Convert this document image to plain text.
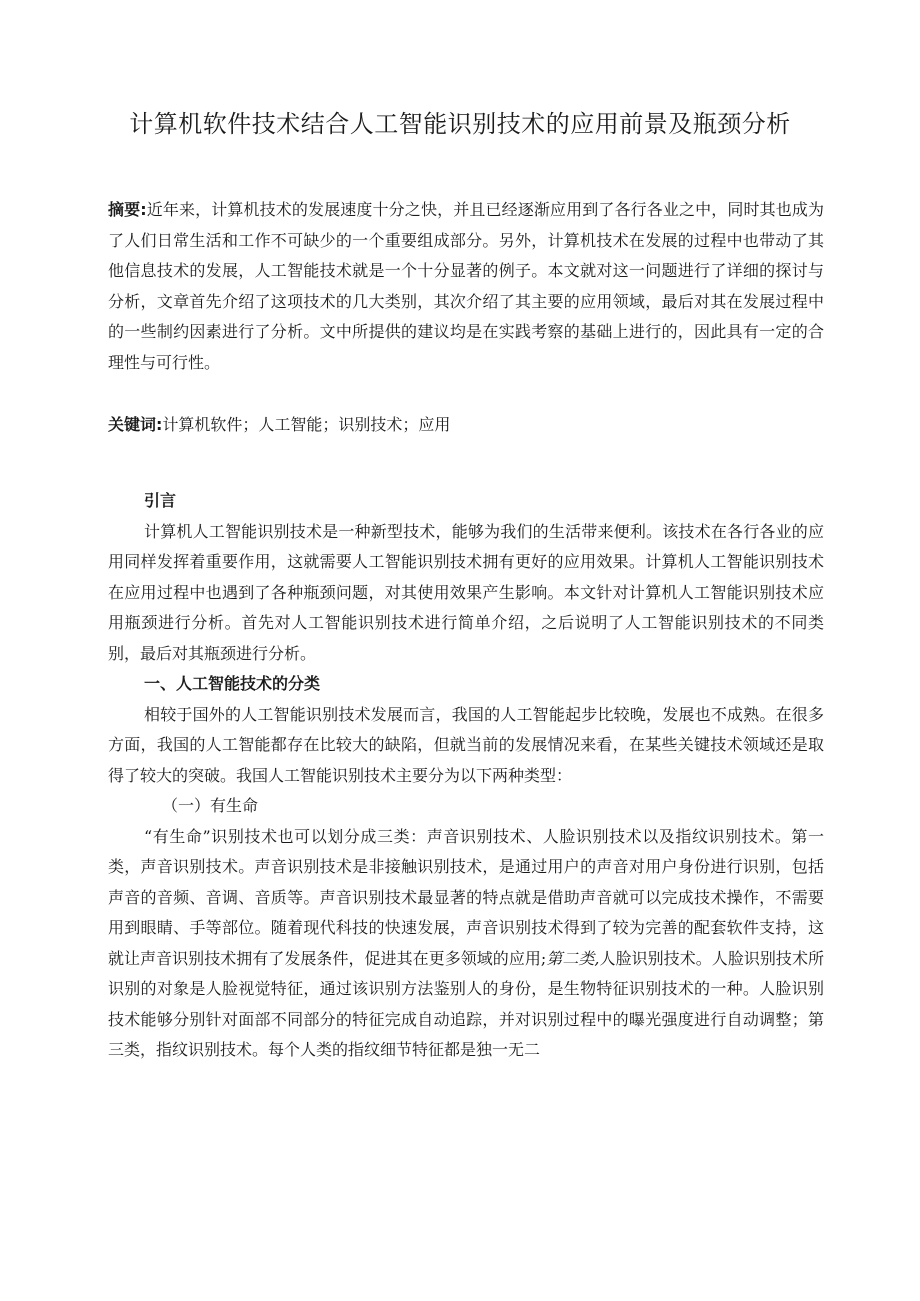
计算机软件技术结合人工智能识别技术的应用前景及瓶颈分析

摘要:近年来，计算机技术的发展速度十分之快，并且已经逐渐应用到了各行各业之中，同时其也成为了人们日常生活和工作不可缺少的一个重要组成部分。另外，计算机技术在发展的过程中也带动了其他信息技术的发展，人工智能技术就是一个十分显著的例子。本文就对这一问题进行了详细的探讨与分析，文章首先介绍了这项技术的几大类别，其次介绍了其主要的应用领域，最后对其在发展过程中的一些制约因素进行了分析。文中所提供的建议均是在实践考察的基础上进行的，因此具有一定的合理性与可行性。

关键词:计算机软件；人工智能；识别技术；应用

引言

计算机人工智能识别技术是一种新型技术，能够为我们的生活带来便利。该技术在各行各业的应用同样发挥着重要作用，这就需要人工智能识别技术拥有更好的应用效果。计算机人工智能识别技术在应用过程中也遇到了各种瓶颈问题，对其使用效果产生影响。本文针对计算机人工智能识别技术应用瓶颈进行分析。首先对人工智能识别技术进行简单介绍，之后说明了人工智能识别技术的不同类别，最后对其瓶颈进行分析。

一、人工智能技术的分类

相较于国外的人工智能识别技术发展而言，我国的人工智能起步比较晚，发展也不成熟。在很多方面，我国的人工智能都存在比较大的缺陷，但就当前的发展情况来看，在某些关键技术领域还是取得了较大的突破。我国人工智能识别技术主要分为以下两种类型：

（一）有生命

“有生命”识别技术也可以划分成三类：声音识别技术、人脸识别技术以及指纹识别技术。第一类，声音识别技术。声音识别技术是非接触识别技术，是通过用户的声音对用户身份进行识别，包括声音的音频、音调、音质等。声音识别技术最显著的特点就是借助声音就可以完成技术操作，不需要用到眼睛、手等部位。随着现代科技的快速发展，声音识别技术得到了较为完善的配套软件支持，这就让声音识别技术拥有了发展条件，促进其在更多领域的应用;第二类,人脸识别技术。人脸识别技术所识别的对象是人脸视觉特征，通过该识别方法鉴别人的身份，是生物特征识别技术的一种。人脸识别技术能够分别针对面部不同部分的特征完成自动追踪，并对识别过程中的曝光强度进行自动调整；第三类，指纹识别技术。每个人类的指纹细节特征都是独一无二
